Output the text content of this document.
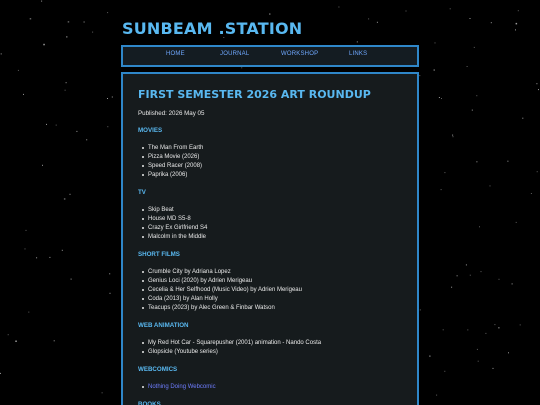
SUNBEAM .STATION
HOME	JOURNAL	WORKSHOP	LINKS
FIRST SEMESTER 2026 ART ROUNDUP
Published: 2026 May 05
MOVIES
The Man From Earth
Pizza Movie (2026)
Speed Racer (2008)
Paprika (2006)
TV
Skip Beat
House MD S5-8
Crazy Ex Girlfriend S4
Malcolm in the Middle
SHORT FILMS
Crumble City by Adriana Lopez
Genius Loci (2020) by Adrien Merigeau
Cecelia & Her Selfhood (Music Video) by Adrien Merigeau
Coda (2013) by Alan Holly
Teacups (2023) by Alec Green & Finbar Watson
WEB ANIMATION
My Red Hot Car - Squarepusher (2001) animation - Nando Costa
Glopsicle (Youtube series)
WEBCOMICS
Nothing Doing Webcomic
BOOKS
